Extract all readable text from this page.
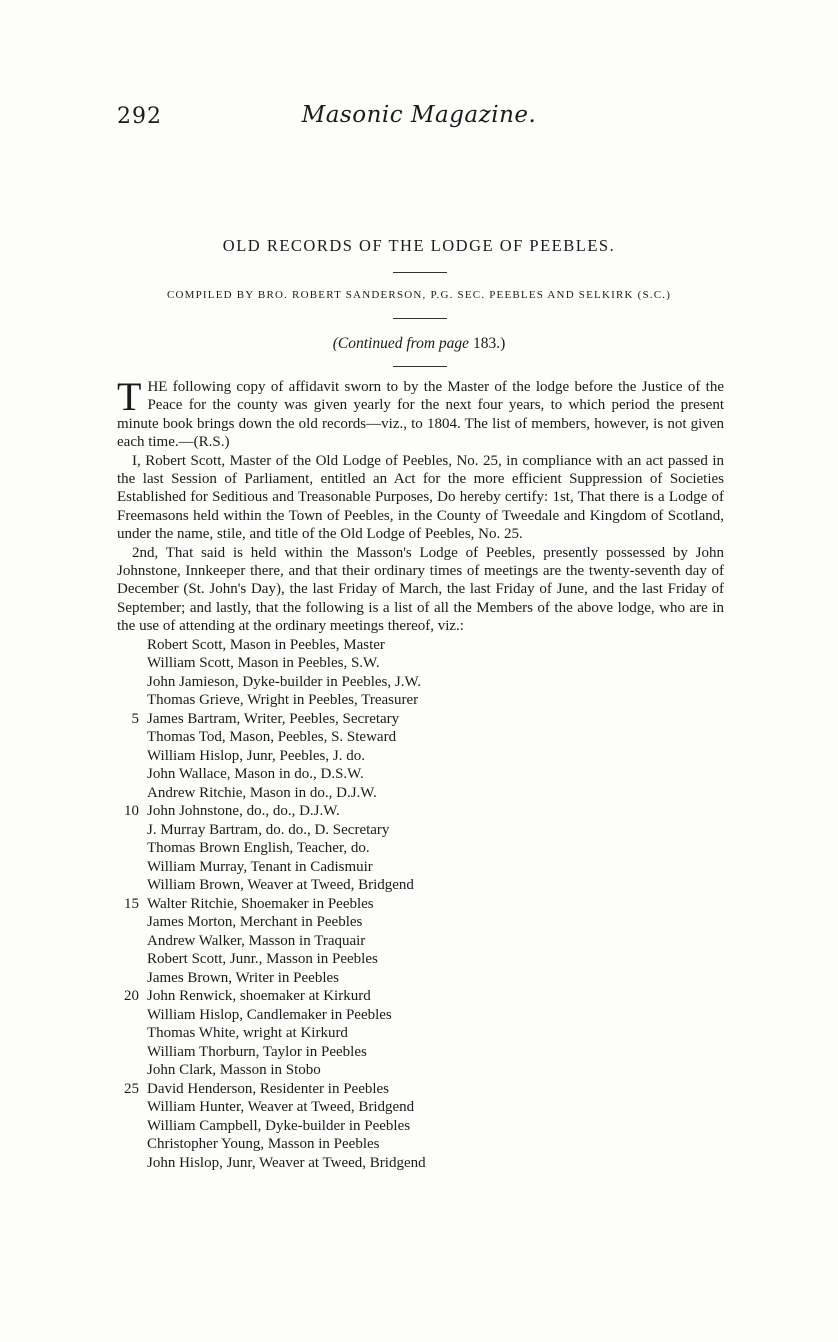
292	Masonic Magazine.
OLD RECORDS OF THE LODGE OF PEEBLES.
COMPILED BY BRO. ROBERT SANDERSON, P.G. SEC. PEEBLES AND SELKIRK (S.C.)
(Continued from page 183.)

THE following copy of affidavit sworn to by the Master of the lodge before the Justice of the Peace for the county was given yearly for the next four years, to which period the present minute book brings down the old records—viz., to 1804. The list of members, however, is not given each time.—(R.S.)

I, Robert Scott, Master of the Old Lodge of Peebles, No. 25, in compliance with an act passed in the last Session of Parliament, entitled an Act for the more efficient Suppression of Societies Established for Seditious and Treasonable Purposes, Do hereby certify: 1st, That there is a Lodge of Freemasons held within the Town of Peebles, in the County of Tweedale and Kingdom of Scotland, under the name, stile, and title of the Old Lodge of Peebles, No. 25.

2nd, That said is held within the Masson's Lodge of Peebles, presently possessed by John Johnstone, Innkeeper there, and that their ordinary times of meetings are the twenty-seventh day of December (St. John's Day), the last Friday of March, the last Friday of June, and the last Friday of September; and lastly, that the following is a list of all the Members of the above lodge, who are in the use of attending at the ordinary meetings thereof, viz.:

Robert Scott, Mason in Peebles, Master
William Scott, Mason in Peebles, S.W.
John Jamieson, Dyke-builder in Peebles, J.W.
Thomas Grieve, Wright in Peebles, Treasurer
5 James Bartram, Writer, Peebles, Secretary
Thomas Tod, Mason, Peebles, S. Steward
William Hislop, Junr, Peebles, J. do.
John Wallace, Mason in do., D.S.W.
Andrew Ritchie, Mason in do., D.J.W.
10 John Johnstone, do., do., D.J.W.
J. Murray Bartram, do. do., D. Secretary
Thomas Brown English, Teacher, do.
William Murray, Tenant in Cadismuir
William Brown, Weaver at Tweed, Bridgend
15 Walter Ritchie, Shoemaker in Peebles
James Morton, Merchant in Peebles
Andrew Walker, Masson in Traquair
Robert Scott, Junr., Masson in Peebles
James Brown, Writer in Peebles
20 John Renwick, shoemaker at Kirkurd
William Hislop, Candlemaker in Peebles
Thomas White, wright at Kirkurd
William Thorburn, Taylor in Peebles
John Clark, Masson in Stobo
25 David Henderson, Residenter in Peebles
William Hunter, Weaver at Tweed, Bridgend
William Campbell, Dyke-builder in Peebles
Christopher Young, Masson in Peebles
John Hislop, Junr, Weaver at Tweed, Bridgend
